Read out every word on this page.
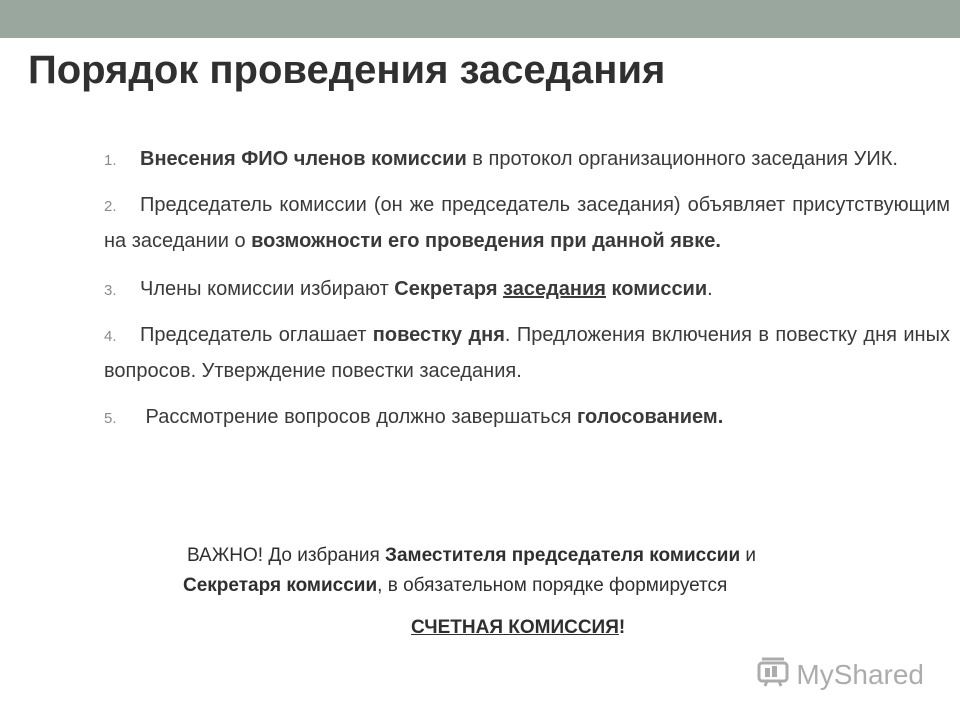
Порядок проведения заседания
1. Внесения ФИО членов комиссии в протокол организационного заседания УИК.
2. Председатель комиссии (он же председатель заседания) объявляет присутствующим на заседании о возможности его проведения при данной явке.
3. Члены комиссии избирают Секретаря заседания комиссии.
4. Председатель оглашает повестку дня. Предложения включения в повестку дня иных вопросов. Утверждение повестки заседания.
5. Рассмотрение вопросов должно завершаться голосованием.
ВАЖНО! До избрания Заместителя председателя комиссии и
Секретаря комиссии, в обязательном порядке формируется
СЧЕТНАЯ КОМИССИЯ!
MyShared
